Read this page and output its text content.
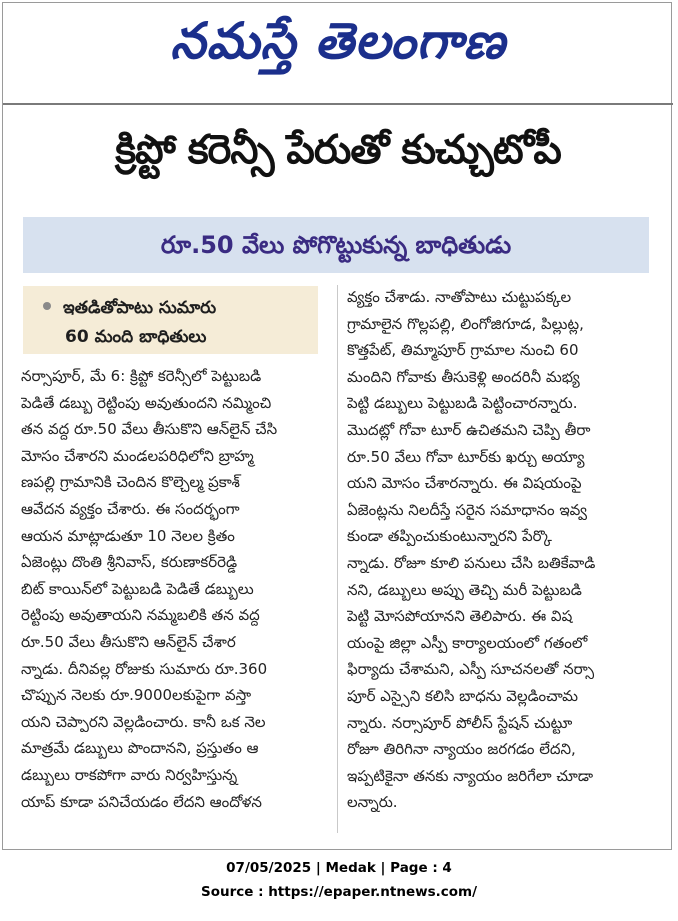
నమస్తే తెలంగాణ
క్రిప్టో కరెన్సీ పేరుతో కుచ్చుటోపీ
రూ.50 వేలు పోగొట్టుకున్న బాధితుడు
ఇతడితోపాటు సుమారు
60 మంది బాధితులు
నర్సాపూర్, మే 6: క్రిప్టో కరెన్సీలో పెట్టుబడి
పెడితే డబ్బు రెట్టింపు అవుతుందని నమ్మించి
తన వద్ద రూ.50 వేలు తీసుకొని ఆన్‌లైన్ చేసి
మోసం చేశారని మండలపరిధిలోని బ్రాహ్మ
ణపల్లి గ్రామానికి చెందిన కొల్చెల్మ ప్రకాశ్
ఆవేదన వ్యక్తం చేశారు. ఈ సందర్భంగా
ఆయన మాట్లాడుతూ 10 నెలల క్రితం
ఏజెంట్లు దొంతి శ్రీనివాస్, కరుణాకర్‌రెడ్డి
బిట్ కాయిన్‌లో పెట్టుబడి పెడితే డబ్బులు
రెట్టింపు అవుతాయని నమ్మబలికి తన వద్ద
రూ.50 వేలు తీసుకొని ఆన్‌లైన్ చేశార
న్నాడు. దీనివల్ల రోజుకు సుమారు రూ.360
చొప్పున నెలకు రూ.9000లకుపైగా వస్తా
యని చెప్పారని వెల్లడించారు. కానీ ఒక నెల
మాత్రమే డబ్బులు పొందానని, ప్రస్తుతం ఆ
డబ్బులు రాకపోగా వారు నిర్వహిస్తున్న
యాప్ కూడా పనిచేయడం లేదని ఆందోళన
వ్యక్తం చేశాడు. నాతోపాటు చుట్టుపక్కల
గ్రామాలైన గొల్లపల్లి, లింగోజిగూడ, పిల్లుట్ల,
కొత్తపేట్, తిమ్మాపూర్ గ్రామాల నుంచి 60
మందిని గోవాకు తీసుకెళ్లి అందరినీ మభ్య
పెట్టి డబ్బులు పెట్టుబడి పెట్టించారన్నారు.
మొదట్లో గోవా టూర్ ఉచితమని చెప్పి తీరా
రూ.50 వేలు గోవా టూర్‌కు ఖర్చు అయ్యా
యని మోసం చేశారన్నారు. ఈ విషయంపై
ఏజెంట్లను నిలదీస్తే సరైన సమాధానం ఇవ్వ
కుండా తప్పించుకుంటున్నారని పేర్కొ
న్నాడు. రోజూ కూలి పనులు చేసి బతికేవాడి
నని, డబ్బులు అప్పు తెచ్చి మరీ పెట్టుబడి
పెట్టి మోసపోయానని తెలిపారు. ఈ విష
యంపై జిల్లా ఎస్పీ కార్యాలయంలో గతంలో
ఫిర్యాదు చేశామని, ఎస్పీ సూచనలతో నర్సా
పూర్ ఎస్సైని కలిసి బాధను వెల్లడించామ
న్నారు. నర్సాపూర్ పోలీస్ స్టేషన్ చుట్టూ
రోజూ తిరిగినా న్యాయం జరగడం లేదని,
ఇప్పటికైనా తనకు న్యాయం జరిగేలా చూడా
లన్నారు.
07/05/2025 | Medak | Page : 4
Source : https://epaper.ntnews.com/
